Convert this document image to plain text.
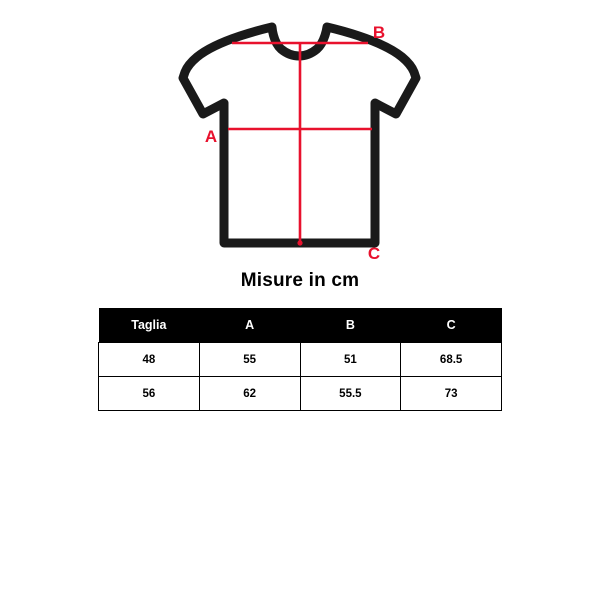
A
B
C
Misure in cm
Taglia	A	B	C
48	55	51	68.5
56	62	55.5	73
